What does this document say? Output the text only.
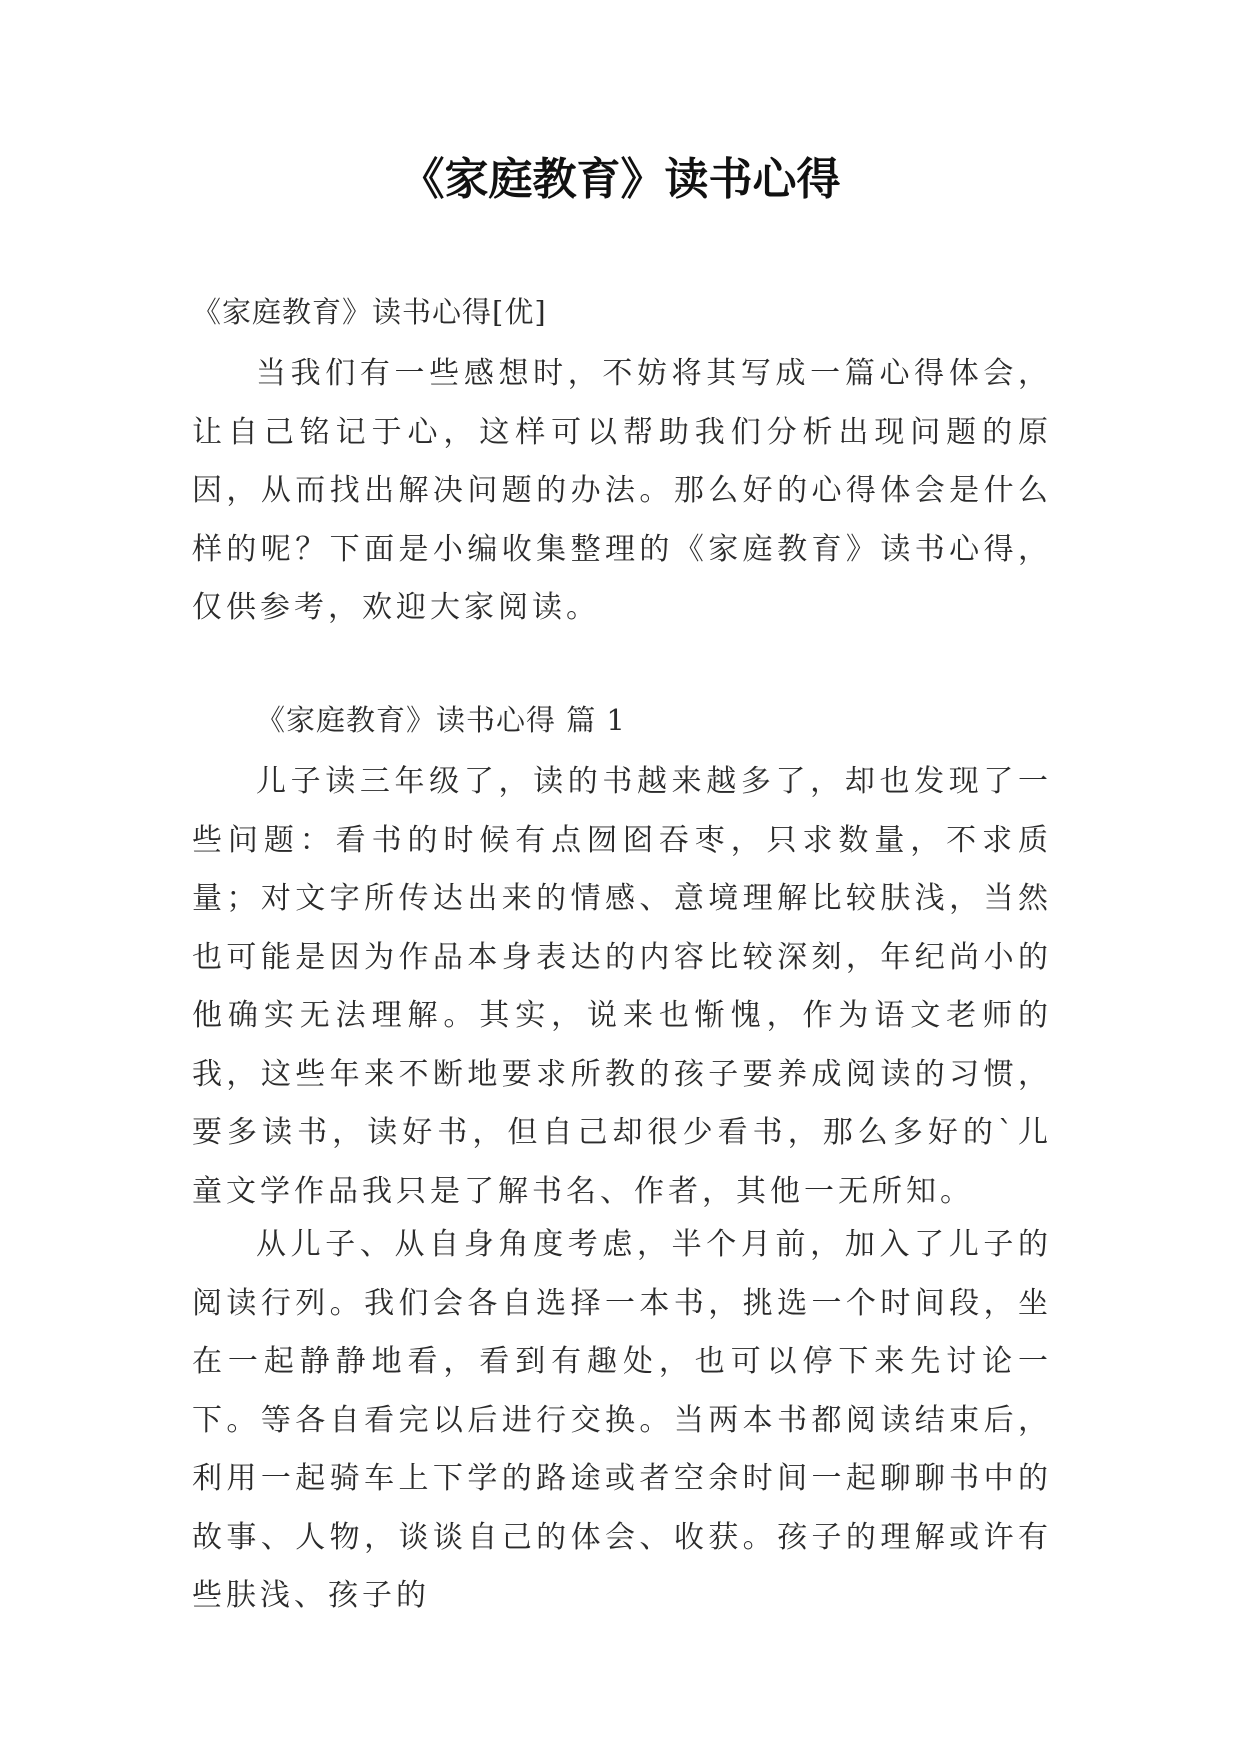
《家庭教育》读书心得

《家庭教育》读书心得[优]

当我们有一些感想时，不妨将其写成一篇心得体会，让自己铭记于心，这样可以帮助我们分析出现问题的原因，从而找出解决问题的办法。那么好的心得体会是什么样的呢？下面是小编收集整理的《家庭教育》读书心得，仅供参考，欢迎大家阅读。

《家庭教育》读书心得 篇 1

儿子读三年级了，读的书越来越多了，却也发现了一些问题：看书的时候有点囫囵吞枣，只求数量，不求质量；对文字所传达出来的情感、意境理解比较肤浅，当然也可能是因为作品本身表达的内容比较深刻，年纪尚小的他确实无法理解。其实，说来也惭愧，作为语文老师的我，这些年来不断地要求所教的孩子要养成阅读的习惯，要多读书，读好书，但自己却很少看书，那么多好的`儿童文学作品我只是了解书名、作者，其他一无所知。

从儿子、从自身角度考虑，半个月前，加入了儿子的阅读行列。我们会各自选择一本书，挑选一个时间段，坐在一起静静地看，看到有趣处，也可以停下来先讨论一下。等各自看完以后进行交换。当两本书都阅读结束后，利用一起骑车上下学的路途或者空余时间一起聊聊书中的故事、人物，谈谈自己的体会、收获。孩子的理解或许有些肤浅、孩子的
